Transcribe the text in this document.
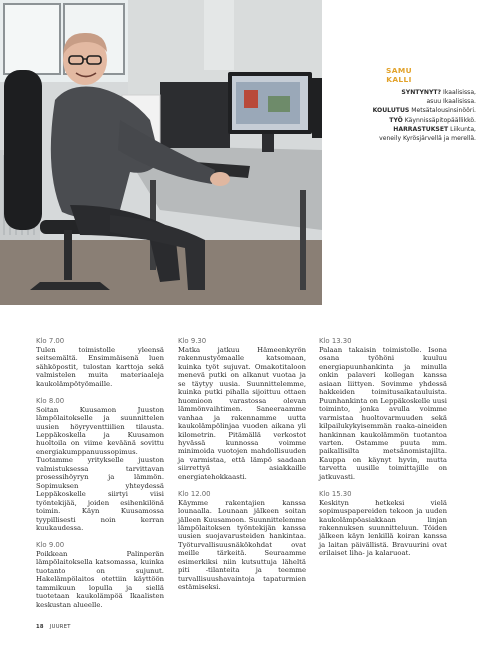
SAMU
KALLI
SYNTYNYT? Ikaalisissa,
asuu Ikaalisissa.
KOULUTUS Metsätalousinsinööri.
TYÖ Käynnissäpitopäällikkö.
HARRASTUKSET Liikunta,
veneily Kyrösjärvellä ja merellä.
Klo 7.00
Tulen toimistolle yleensä seitsemältä. Ensimmäisenä luen sähköpostit, tulostan karttoja sekä valmistelen muita materiaaleja kaukolämpötyömaille.
Klo 8.00
Soitan Kuusamon Juuston lämpölaitokselle ja suunnittelen uusien höyryventtiilien tilausta. Leppäkoskella ja Kuusamon huoltoila on viime keväänä sovittu energiakumppanuussopimus. Tuotamme yritykselle juuston valmistuksessa tarvittavan prosessihöyryn ja lämmön. Sopimuksen yhteydessä Leppäkoskelle siirtyi viisi työntekijää, joiden esihenkilönä toimin. Käyn Kuusamossa tyypillisesti noin kerran kuukaudessa.
Klo 9.00
Poikkean Palinperän lämpölaitoksella katsomassa, kuinka tuotanto on sujunut. Hakelämpölaitos otettiin käyttöön tammikuun lopulla ja siellä tuotetaan kaukolämpöä Ikaalisten keskustan alueelle.
Klo 9.30
Matka jatkuu Hämeenkyrön rakennustyömaalle katsomaan, kuinka työt sujuvat. Omakotitaloon menevä putki on alkanut vuotaa ja se täytyy uusia. Suunnittelemme, kuinka putki pihalla sijoittuu ottaen huomioon varastossa olevan lämmönvaihtimen. Saneeraamme vanhaa ja rakennamme uutta kaukolämpölinjaa vuoden aikana yli kilometrin. Pitämällä verkostot hyvässä kunnossa voimme minimoida vuotojen mahdollisuuden ja varmistaa, että lämpö saadaan siirrettyä asiakkaille energiatehokkaasti.
Klo 12.00
Käymme rakentajien kanssa lounaalla. Lounaan jälkeen soitan jälleen Kuusamoon. Suunnittelemme lämpölaitoksen työntekijän kanssa uusien suojavarusteiden hankintaa. Työturvallisuusnäkökohdat ovat meille tärkeitä. Seuraamme esimerkiksi niin kutsuttuja läheltä piti -tilanteita ja teemme turvallisuushavaintoja tapaturmien estämiseksi.
Klo 13.30
Palaan takaisin toimistolle. Isona osana työhöni kuuluu energiapuunhankinta ja minulla onkin palaveri kollegan kanssa asiaan liittyen. Sovimme yhdessä hakkeiden toimitusaikatauluista. Puunhankinta on Leppäkoskelle uusi toiminto, jonka avulla voimme varmistaa huoltovarmuuden sekä kilpailukykyisemmän raaka-aineiden hankinnan kaukolämmön tuotantoa varten. Ostamme puuta mm. paikallisilta metsänomistajilta. Kauppa on käynyt hyvin, mutta tarvetta uusille toimittajille on jatkuvasti.
Klo 15.30
Keskityn hetkeksi vielä sopimuspapereiden tekoon ja uuden kaukolämpöasiakkaan linjan rakennuksen suunnitteluun. Töiden jälkeen käyn lenkillä koiran kanssa ja laitan päivällistä. Bravuurini ovat erilaiset liha- ja kalaruoat.
18 JUURET
